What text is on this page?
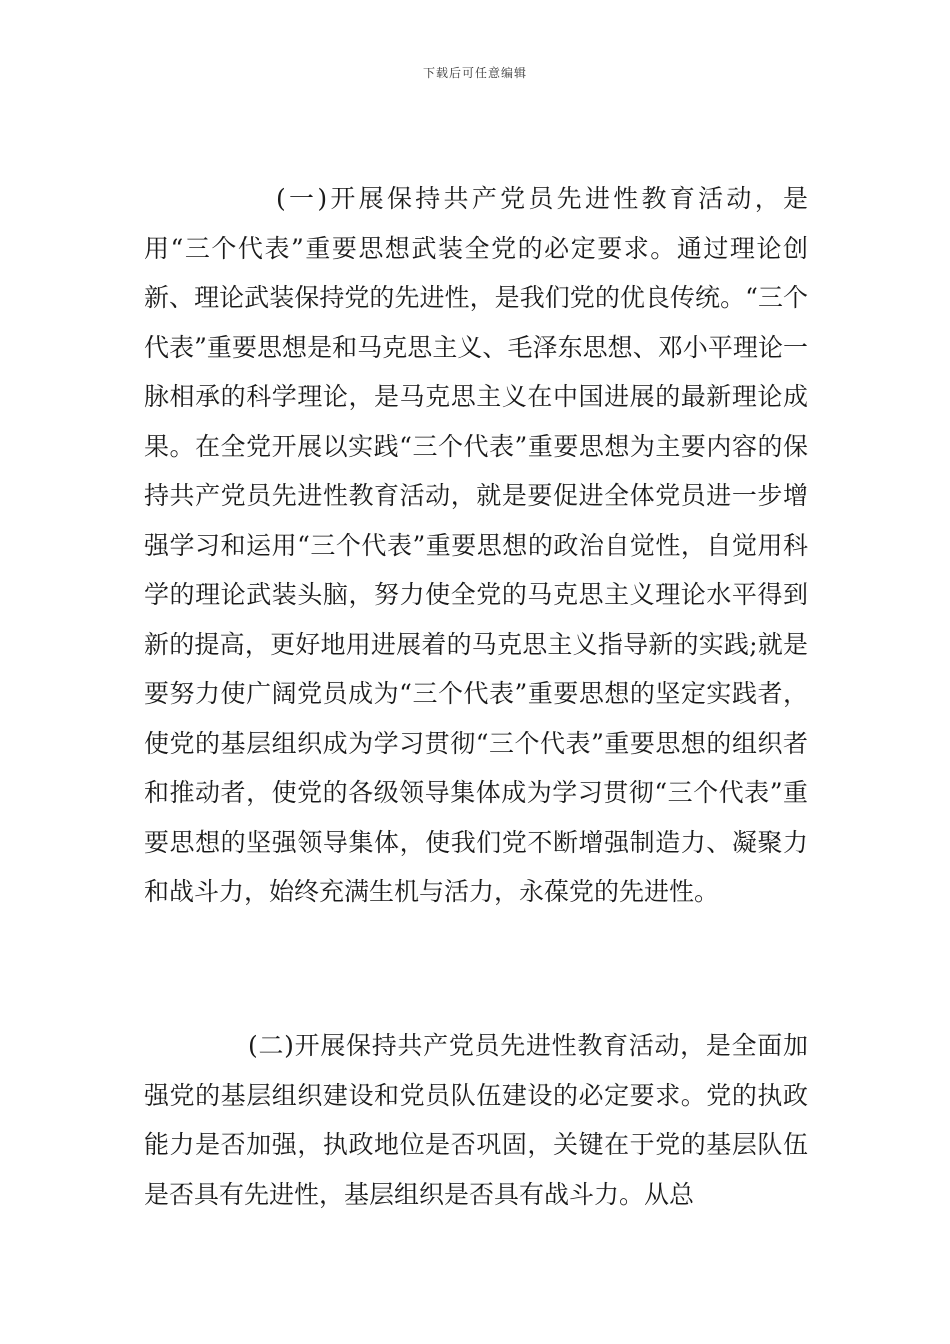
下载后可任意编辑

(一)开展保持共产党员先进性教育活动，是用“三个代表”重要思想武装全党的必定要求。通过理论创新、理论武装保持党的先进性，是我们党的优良传统。“三个代表”重要思想是和马克思主义、毛泽东思想、邓小平理论一脉相承的科学理论，是马克思主义在中国进展的最新理论成果。在全党开展以实践“三个代表”重要思想为主要内容的保持共产党员先进性教育活动，就是要促进全体党员进一步增强学习和运用“三个代表”重要思想的政治自觉性，自觉用科学的理论武装头脑，努力使全党的马克思主义理论水平得到新的提高，更好地用进展着的马克思主义指导新的实践;就是要努力使广阔党员成为“三个代表”重要思想的坚定实践者，使党的基层组织成为学习贯彻“三个代表”重要思想的组织者和推动者，使党的各级领导集体成为学习贯彻“三个代表”重要思想的坚强领导集体，使我们党不断增强制造力、凝聚力和战斗力，始终充满生机与活力，永葆党的先进性。

(二)开展保持共产党员先进性教育活动，是全面加强党的基层组织建设和党员队伍建设的必定要求。党的执政能力是否加强，执政地位是否巩固，关键在于党的基层队伍是否具有先进性，基层组织是否具有战斗力。从总
